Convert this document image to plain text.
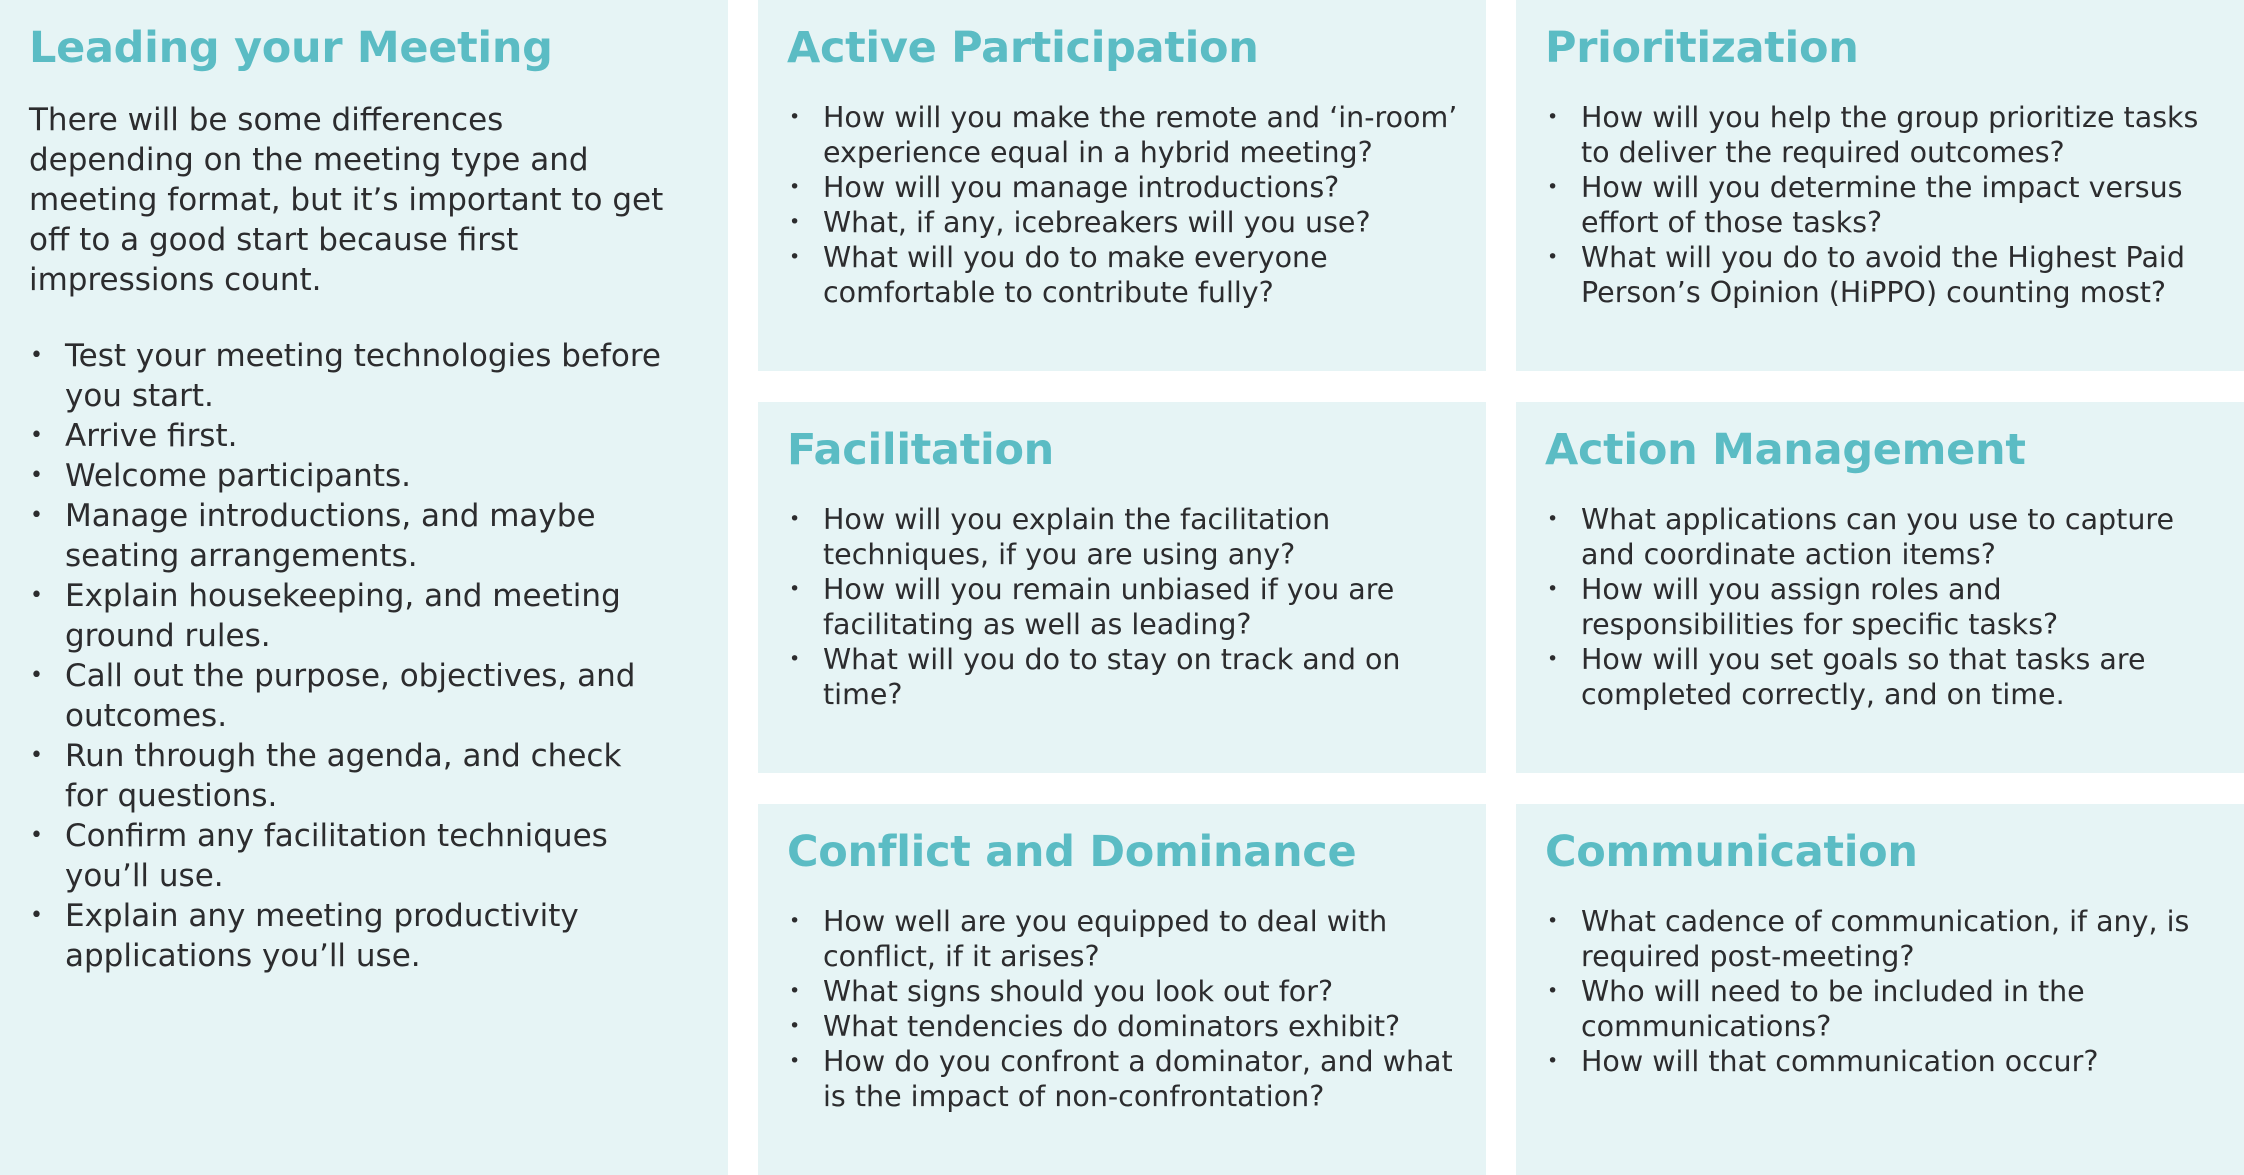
Leading your Meeting

There will be some differences depending on the meeting type and meeting format, but it’s important to get off to a good start because first impressions count.

• Test your meeting technologies before you start.
• Arrive first.
• Welcome participants.
• Manage introductions, and maybe seating arrangements.
• Explain housekeeping, and meeting ground rules.
• Call out the purpose, objectives, and outcomes.
• Run through the agenda, and check for questions.
• Confirm any facilitation techniques you’ll use.
• Explain any meeting productivity applications you’ll use.
Active Participation
• How will you make the remote and ‘in-room’ experience equal in a hybrid meeting?
• How will you manage introductions?
• What, if any, icebreakers will you use?
• What will you do to make everyone comfortable to contribute fully?
Prioritization
• How will you help the group prioritize tasks to deliver the required outcomes?
• How will you determine the impact versus effort of those tasks?
• What will you do to avoid the Highest Paid Person’s Opinion (HiPPO) counting most?
Facilitation
• How will you explain the facilitation techniques, if you are using any?
• How will you remain unbiased if you are facilitating as well as leading?
• What will you do to stay on track and on time?
Action Management
• What applications can you use to capture and coordinate action items?
• How will you assign roles and responsibilities for specific tasks?
• How will you set goals so that tasks are completed correctly, and on time.
Conflict and Dominance
• How well are you equipped to deal with conflict, if it arises?
• What signs should you look out for?
• What tendencies do dominators exhibit?
• How do you confront a dominator, and what is the impact of non-confrontation?
Communication
• What cadence of communication, if any, is required post-meeting?
• Who will need to be included in the communications?
• How will that communication occur?
